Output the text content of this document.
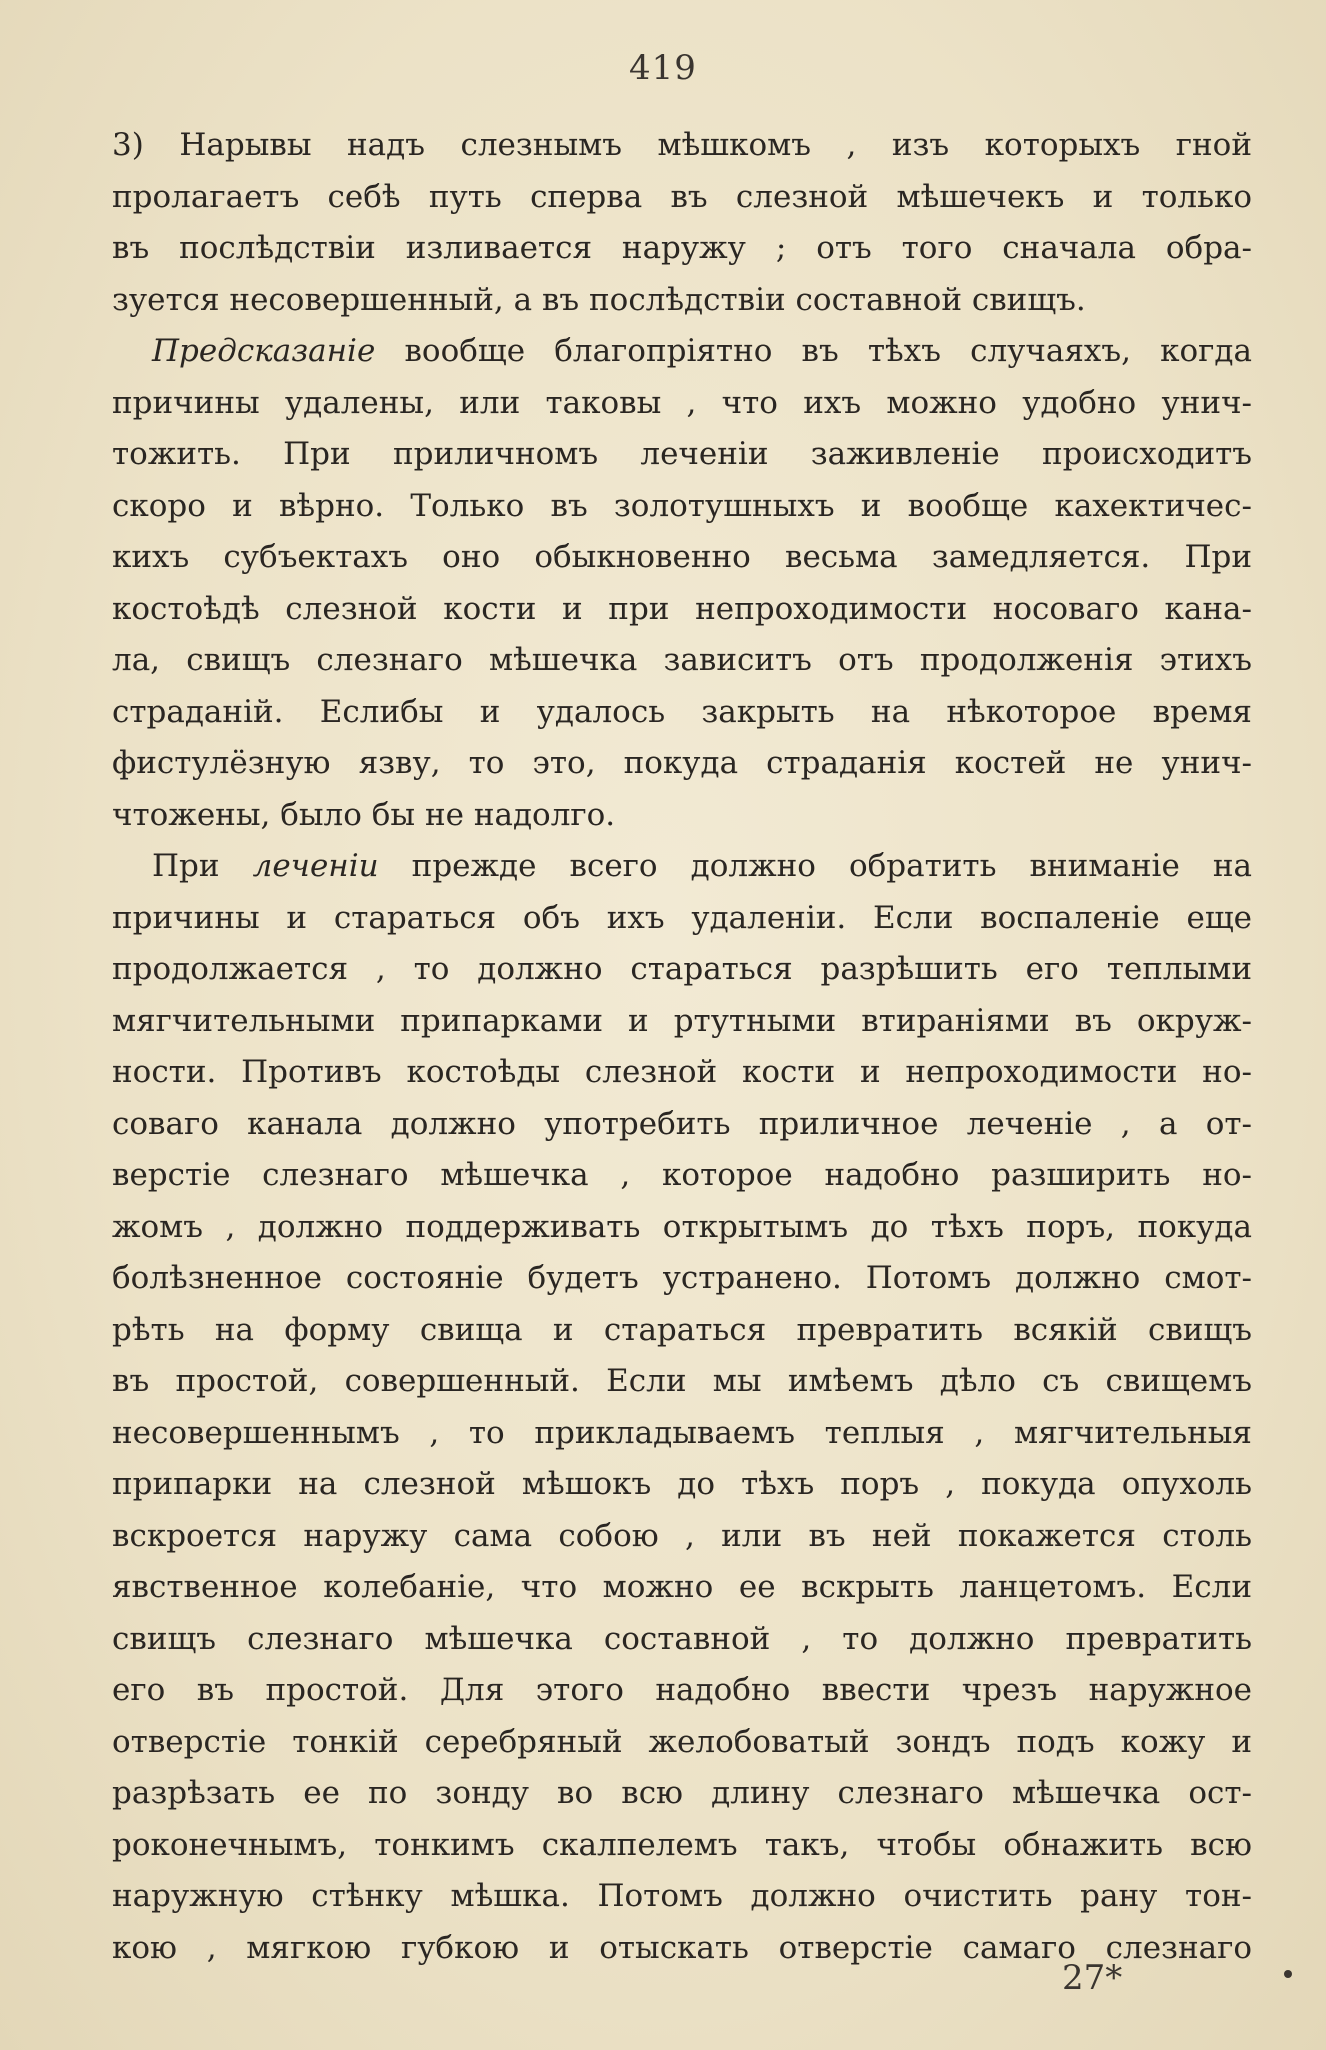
419
3) Нарывы надъ слезнымъ мѣшкомъ , изъ которыхъ гной
пролагаетъ себѣ путь сперва въ слезной мѣшечекъ и только
въ послѣдствіи изливается наружу ; отъ того сначала обра-
зуется несовершенный, а въ послѣдствіи составной свищъ.
Предсказаніе вообще благопріятно въ тѣхъ случаяхъ, когда
причины удалены, или таковы , что ихъ можно удобно унич-
тожить. При приличномъ леченіи заживленіе происходитъ
скоро и вѣрно. Только въ золотушныхъ и вообще кахектичес-
кихъ субъектахъ оно обыкновенно весьма замедляется. При
костоѣдѣ слезной кости и при непроходимости носоваго кана-
ла, свищъ слезнаго мѣшечка зависитъ отъ продолженія этихъ
страданій. Еслибы и удалось закрыть на нѣкоторое время
фистулёзную язву, то это, покуда страданія костей не унич-
чтожены, было бы не надолго.
При леченіи прежде всего должно обратить вниманіе на
причины и стараться объ ихъ удаленіи. Если воспаленіе еще
продолжается , то должно стараться разрѣшить его теплыми
мягчительными припарками и ртутными втираніями въ окруж-
ности. Противъ костоѣды слезной кости и непроходимости но-
соваго канала должно употребить приличное леченіе , а от-
верстіе слезнаго мѣшечка , которое надобно разширить но-
жомъ , должно поддерживать открытымъ до тѣхъ поръ, покуда
болѣзненное состояніе будетъ устранено. Потомъ должно смот-
рѣть на форму свища и стараться превратить всякій свищъ
въ простой, совершенный. Если мы имѣемъ дѣло съ свищемъ
несовершеннымъ , то прикладываемъ теплыя , мягчительныя
припарки на слезной мѣшокъ до тѣхъ поръ , покуда опухоль
вскроется наружу сама собою , или въ ней покажется столь
явственное колебаніе, что можно ее вскрыть ланцетомъ. Если
свищъ слезнаго мѣшечка составной , то должно превратить
его въ простой. Для этого надобно ввести чрезъ наружное
отверстіе тонкій серебряный желобоватый зондъ подъ кожу и
разрѣзать ее по зонду во всю длину слезнаго мѣшечка ост-
роконечнымъ, тонкимъ скалпелемъ такъ, чтобы обнажить всю
наружную стѣнку мѣшка. Потомъ должно очистить рану тон-
кою , мягкою губкою и отыскать отверстіе самаго слезнаго
27*
